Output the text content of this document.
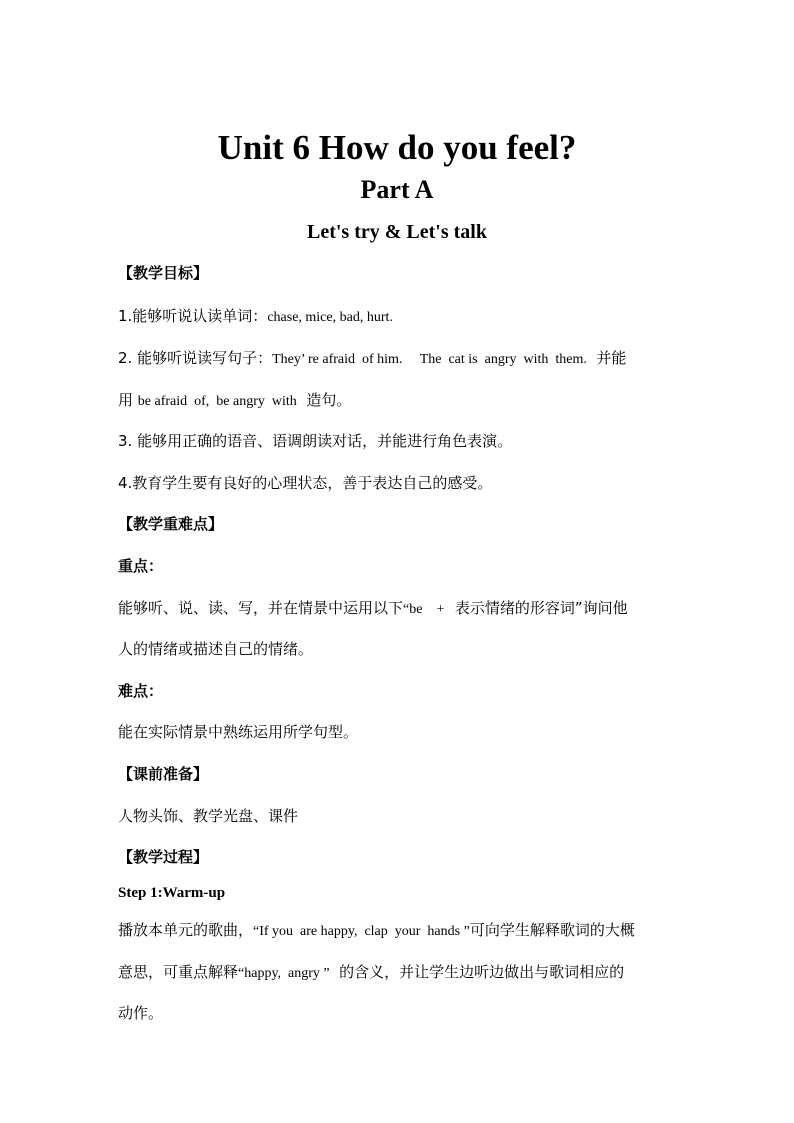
Unit 6 How do you feel?
Part A
Let's try & Let's talk

【教学目标】

1.能够听说认读单词：chase, mice, bad, hurt.

2. 能够听说读写句子：They’ re afraid  of him.     The  cat is  angry  with  them.  并能

用 be afraid  of,  be angry  with  造句。

3. 能够用正确的语音、语调朗读对话，并能进行角色表演。

4.教育学生要有良好的心理状态，善于表达自己的感受。

【教学重难点】

重点：

能够听、说、读、写，并在情景中运用以下“be    +   表示情绪的形容词”询问他

人的情绪或描述自己的情绪。

难点：

能在实际情景中熟练运用所学句型。

【课前准备】

人物头饰、教学光盘、课件

【教学过程】

Step 1:Warm-up

播放本单元的歌曲，“If you  are happy,  clap  your  hands ”可向学生解释歌词的大概

意思，可重点解释“happy,  angry ”  的含义，并让学生边听边做出与歌词相应的

动作。
